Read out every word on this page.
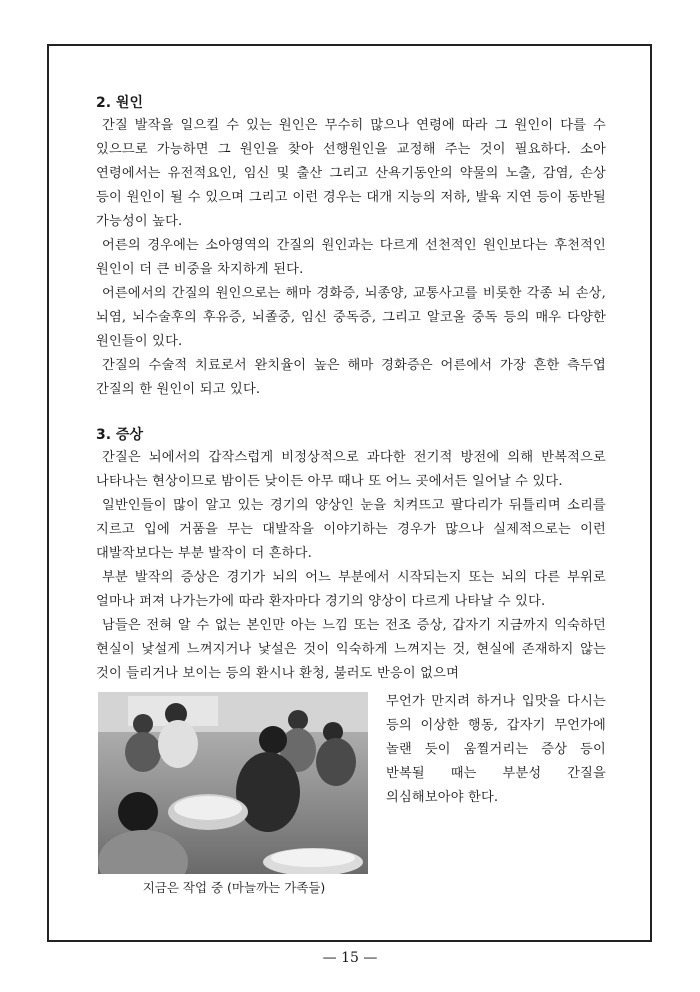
2. 원인

간질 발작을 일으킬 수 있는 원인은 무수히 많으나 연령에 따라 그 원인이 다를 수 있으므로 가능하면 그 원인을 찾아 선행원인을 교정해 주는 것이 필요하다. 소아 연령에서는 유전적요인, 임신 및 출산 그리고 산욕기동안의 약물의 노출, 감염, 손상 등이 원인이 될 수 있으며 그리고 이런 경우는 대개 지능의 저하, 발육 지연 등이 동반될 가능성이 높다.

어른의 경우에는 소아영역의 간질의 원인과는 다르게 선천적인 원인보다는 후천적인 원인이 더 큰 비중을 차지하게 된다.

어른에서의 간질의 원인으로는 해마 경화증, 뇌종양, 교통사고를 비롯한 각종 뇌 손상, 뇌염, 뇌수술후의 후유증, 뇌졸중, 임신 중독증, 그리고 알코올 중독 등의 매우 다양한 원인들이 있다.

간질의 수술적 치료로서 완치율이 높은 해마 경화증은 어른에서 가장 흔한 측두엽 간질의 한 원인이 되고 있다.

3. 증상

간질은 뇌에서의 갑작스럽게 비정상적으로 과다한 전기적 방전에 의해 반복적으로 나타나는 현상이므로 밤이든 낮이든 아무 때나 또 어느 곳에서든 일어날 수 있다.

일반인들이 많이 알고 있는 경기의 양상인 눈을 치켜뜨고 팔다리가 뒤틀리며 소리를 지르고 입에 거품을 무는 대발작을 이야기하는 경우가 많으나 실제적으로는 이런 대발작보다는 부분 발작이 더 흔하다.

부분 발작의 증상은 경기가 뇌의 어느 부분에서 시작되는지 또는 뇌의 다른 부위로 얼마나 퍼져 나가는가에 따라 환자마다 경기의 양상이 다르게 나타날 수 있다.

남들은 전혀 알 수 없는 본인만 아는 느낌 또는 전조 증상, 갑자기 지금까지 익숙하던 현실이 낯설게 느껴지거나 낯설은 것이 익숙하게 느껴지는 것, 현실에 존재하지 않는 것이 들리거나 보이는 등의 환시나 환청, 불러도 반응이 없으며

지금은 작업 중 (마늘까는 가족들)

무언가 만지려 하거나 입맛을 다시는 등의 이상한 행동, 갑자기 무언가에 놀랜 듯이 움찔거리는 증상 등이 반복될 때는 부분성 간질을 의심해보아야 한다.

— 15 —
